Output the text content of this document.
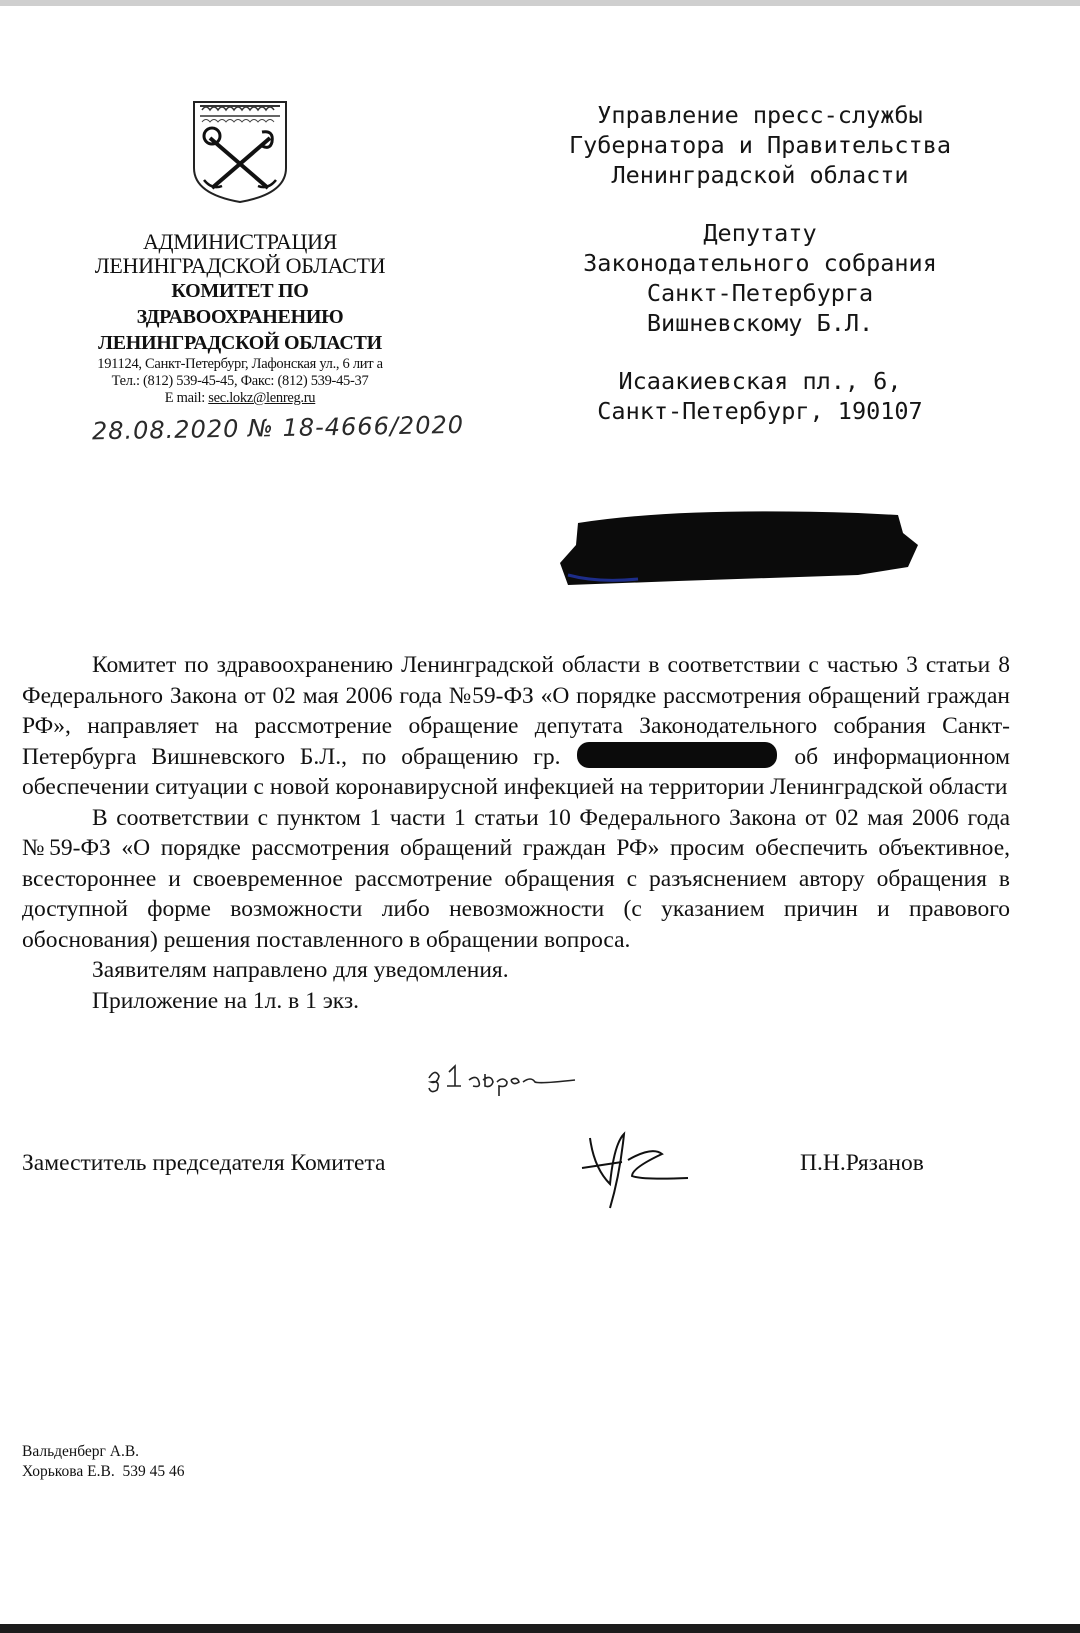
АДМИНИСТРАЦИЯ
ЛЕНИНГРАДСКОЙ ОБЛАСТИ
КОМИТЕТ ПО
ЗДРАВООХРАНЕНИЮ
ЛЕНИНГРАДСКОЙ ОБЛАСТИ
191124, Санкт-Петербург, Лафонская ул., 6 лит а
Тел.: (812) 539-45-45, Факс: (812) 539-45-37
E mail: sec.lokz@lenreg.ru
28.08.2020 № 18-4666/2020
Управление пресс-службы
Губернатора и Правительства
Ленинградской области
Депутату
Законодательного собрания
Санкт-Петербурга
Вишневскому Б.Л.
Исаакиевская пл., 6,
Санкт-Петербург, 190107

Комитет по здравоохранению Ленинградской области в соответствии с частью 3 статьи 8 Федерального Закона от 02 мая 2006 года №59-ФЗ «О порядке рассмотрения обращений граждан РФ», направляет на рассмотрение обращение депутата Законодательного собрания Санкт-Петербурга Вишневского Б.Л., по обращению гр.	об информационном обеспечении ситуации с новой коронавирусной инфекцией на территории Ленинградской области

В соответствии с пунктом 1 части 1 статьи 10 Федерального Закона от 02 мая 2006 года №59-ФЗ «О порядке рассмотрения обращений граждан РФ» просим обеспечить объективное, всестороннее и своевременное рассмотрение обращения с разъяснением автору обращения в доступной форме возможности либо невозможности (с указанием причин и правового обоснования) решения поставленного в обращении вопроса.

Заявителям направлено для уведомления.

Приложение на 1л. в 1 экз.

Заместитель председателя Комитета	П.Н.Рязанов
Вальденберг А.В.
Хорькова Е.В.  539 45 46
